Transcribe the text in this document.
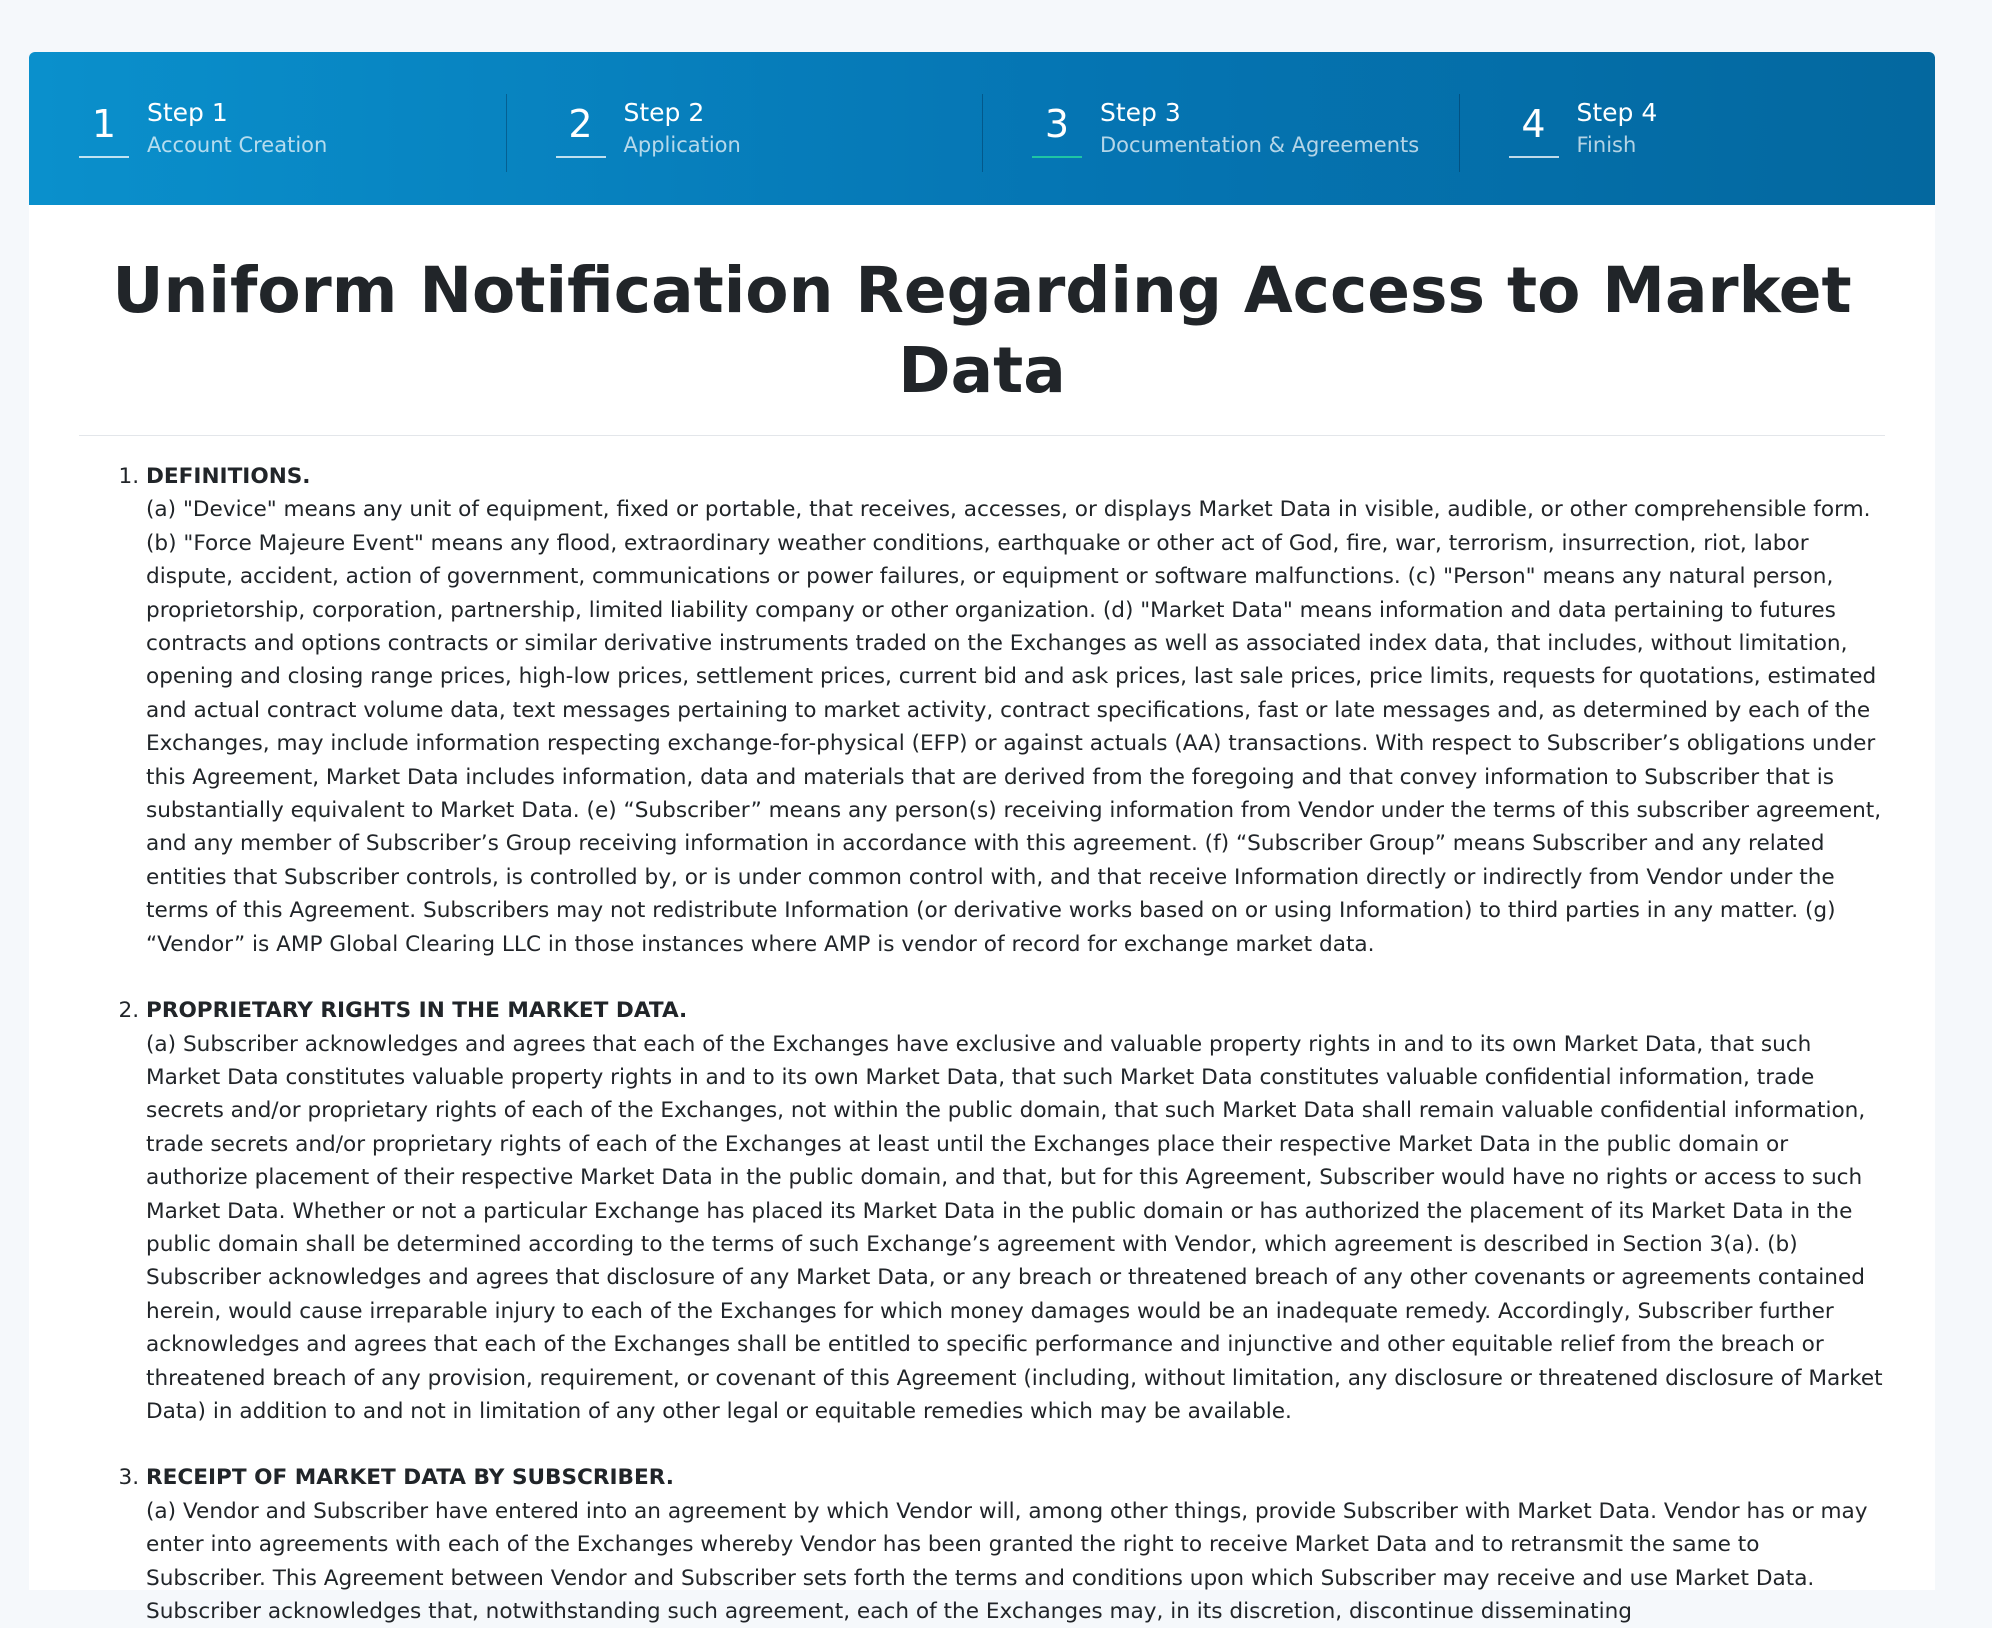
1	Step 1
Account Creation	2	Step 2
Application	3	Step 3
Documentation & Agreements	4	Step 4
Finish
Uniform Notification Regarding Access to Market Data
1. DEFINITIONS.
(a) "Device" means any unit of equipment, fixed or portable, that receives, accesses, or displays Market Data in visible, audible, or other comprehensible form. (b) "Force Majeure Event" means any flood, extraordinary weather conditions, earthquake or other act of God, fire, war, terrorism, insurrection, riot, labor dispute, accident, action of government, communications or power failures, or equipment or software malfunctions. (c) "Person" means any natural person, proprietorship, corporation, partnership, limited liability company or other organization. (d) "Market Data" means information and data pertaining to futures contracts and options contracts or similar derivative instruments traded on the Exchanges as well as associated index data, that includes, without limitation, opening and closing range prices, high-low prices, settlement prices, current bid and ask prices, last sale prices, price limits, requests for quotations, estimated and actual contract volume data, text messages pertaining to market activity, contract specifications, fast or late messages and, as determined by each of the Exchanges, may include information respecting exchange-for-physical (EFP) or against actuals (AA) transactions. With respect to Subscriber’s obligations under this Agreement, Market Data includes information, data and materials that are derived from the foregoing and that convey information to Subscriber that is substantially equivalent to Market Data. (e) “Subscriber” means any person(s) receiving information from Vendor under the terms of this subscriber agreement, and any member of Subscriber’s Group receiving information in accordance with this agreement. (f) “Subscriber Group” means Subscriber and any related entities that Subscriber controls, is controlled by, or is under common control with, and that receive Information directly or indirectly from Vendor under the terms of this Agreement. Subscribers may not redistribute Information (or derivative works based on or using Information) to third parties in any matter. (g) “Vendor” is AMP Global Clearing LLC in those instances where AMP is vendor of record for exchange market data.
2. PROPRIETARY RIGHTS IN THE MARKET DATA.
(a) Subscriber acknowledges and agrees that each of the Exchanges have exclusive and valuable property rights in and to its own Market Data, that such Market Data constitutes valuable property rights in and to its own Market Data, that such Market Data constitutes valuable confidential information, trade secrets and/or proprietary rights of each of the Exchanges, not within the public domain, that such Market Data shall remain valuable confidential information, trade secrets and/or proprietary rights of each of the Exchanges at least until the Exchanges place their respective Market Data in the public domain or authorize placement of their respective Market Data in the public domain, and that, but for this Agreement, Subscriber would have no rights or access to such Market Data. Whether or not a particular Exchange has placed its Market Data in the public domain or has authorized the placement of its Market Data in the public domain shall be determined according to the terms of such Exchange’s agreement with Vendor, which agreement is described in Section 3(a). (b) Subscriber acknowledges and agrees that disclosure of any Market Data, or any breach or threatened breach of any other covenants or agreements contained herein, would cause irreparable injury to each of the Exchanges for which money damages would be an inadequate remedy. Accordingly, Subscriber further acknowledges and agrees that each of the Exchanges shall be entitled to specific performance and injunctive and other equitable relief from the breach or threatened breach of any provision, requirement, or covenant of this Agreement (including, without limitation, any disclosure or threatened disclosure of Market Data) in addition to and not in limitation of any other legal or equitable remedies which may be available.
3. RECEIPT OF MARKET DATA BY SUBSCRIBER.
(a) Vendor and Subscriber have entered into an agreement by which Vendor will, among other things, provide Subscriber with Market Data. Vendor has or may enter into agreements with each of the Exchanges whereby Vendor has been granted the right to receive Market Data and to retransmit the same to Subscriber. This Agreement between Vendor and Subscriber sets forth the terms and conditions upon which Subscriber may receive and use Market Data. Subscriber acknowledges that, notwithstanding such agreement, each of the Exchanges may, in its discretion, discontinue disseminating
